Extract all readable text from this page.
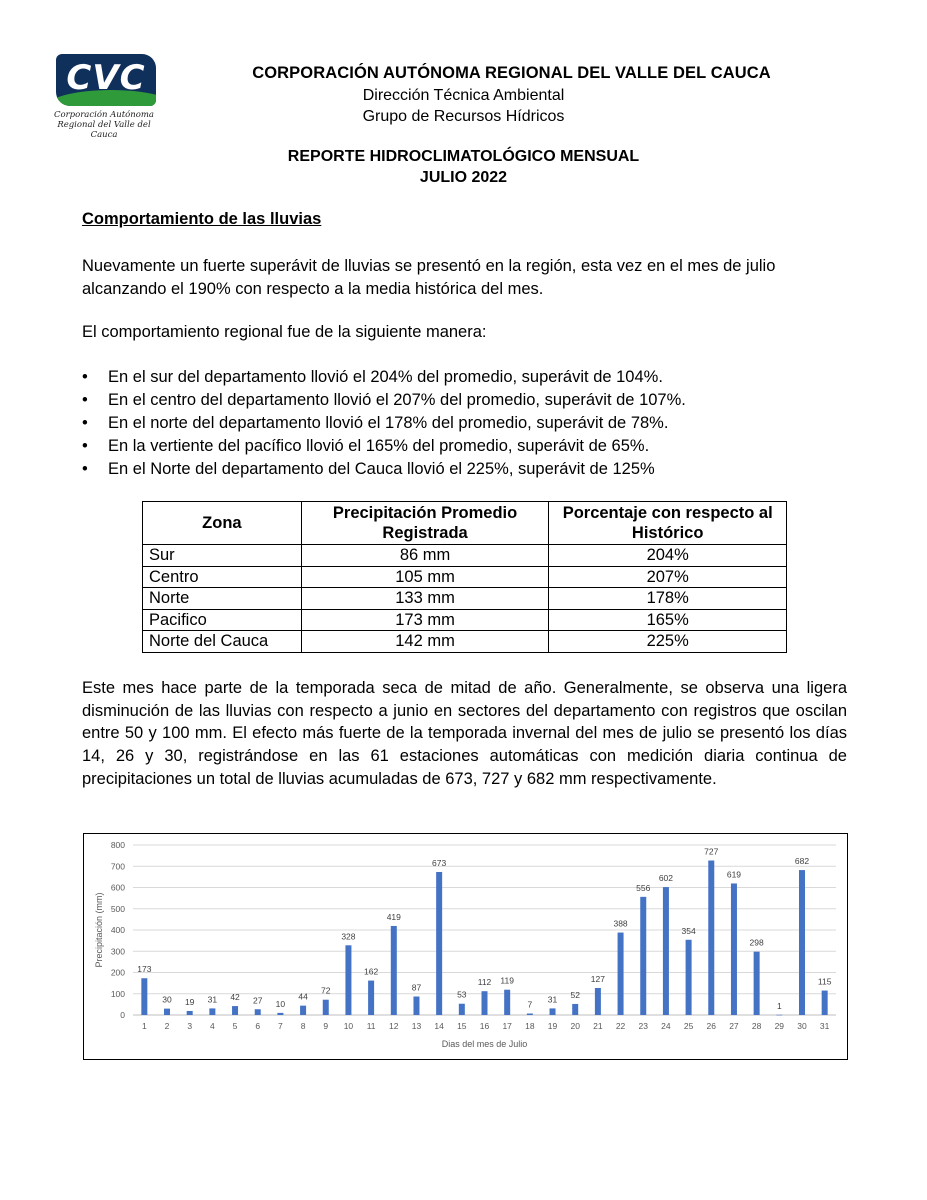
CVC
Corporación Autónoma
Regional del Valle del Cauca
CORPORACIÓN AUTÓNOMA REGIONAL DEL VALLE DEL CAUCA
Dirección Técnica Ambiental
Grupo de Recursos Hídricos
REPORTE HIDROCLIMATOLÓGICO MENSUAL
JULIO 2022
Comportamiento de las lluvias

Nuevamente un fuerte superávit de lluvias se presentó en la región, esta vez en el mes de julio alcanzando el 190% con respecto a la media histórica del mes.

El comportamiento regional fue de la siguiente manera:

• En el sur del departamento llovió el 204% del promedio, superávit de 104%.
• En el centro del departamento llovió el 207% del promedio, superávit de 107%.
• En el norte del departamento llovió el 178% del promedio, superávit de 78%.
• En la vertiente del pacífico llovió el 165% del promedio, superávit de 65%.
• En el Norte del departamento del Cauca llovió el 225%, superávit de 125%
Zona	Precipitación Promedio Registrada	Porcentaje con respecto al Histórico
Sur	86 mm	204%
Centro	105 mm	207%
Norte	133 mm	178%
Pacifico	173 mm	165%
Norte del Cauca	142 mm	225%

Este mes hace parte de la temporada seca de mitad de año. Generalmente, se observa una ligera disminución de las lluvias con respecto a junio en sectores del departamento con registros que oscilan entre 50 y 100 mm. El efecto más fuerte de la temporada invernal del mes de julio se presentó los días 14, 26 y 30, registrándose en las 61 estaciones automáticas con medición diaria continua de precipitaciones un total de lluvias acumuladas de 673, 727 y 682 mm respectivamente.

0
100
200
300
400
500
600
700
800
173
1
30
2
19
3
31
4
42
5
27
6
10
7
44
8
72
9
328
10
162
11
419
12
87
13
673
14
53
15
112
16
119
17
7
18
31
19
52
20
127
21
388
22
556
23
602
24
354
25
727
26
619
27
298
28
1
29
682
30
115
31
Dias del mes de Julio
Precipitación (mm)
